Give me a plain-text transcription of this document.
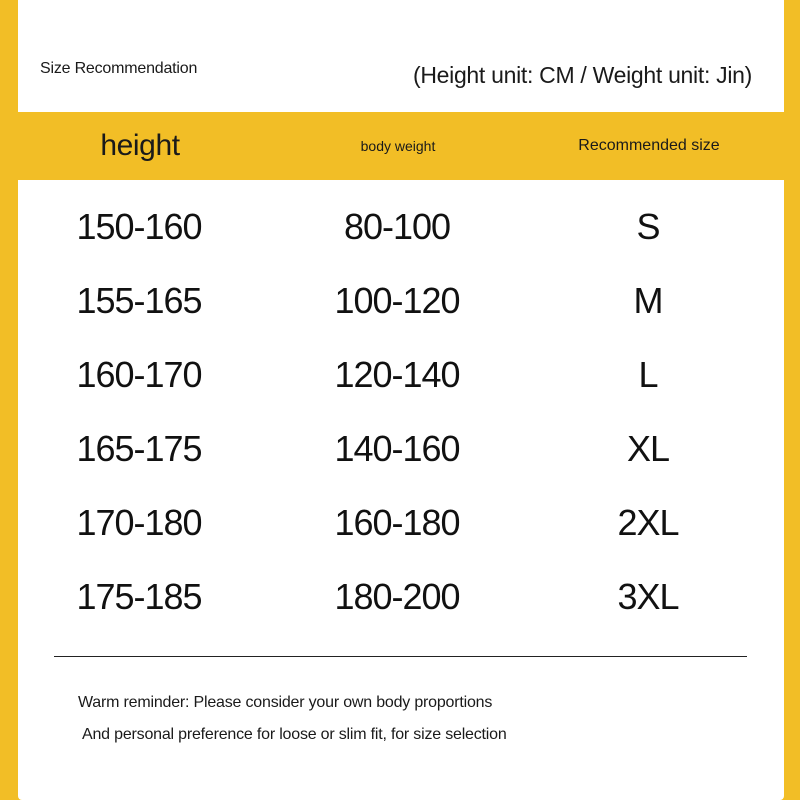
Size Recommendation	(Height unit: CM / Weight unit: Jin)
height	body weight	Recommended size
150-160	80-100	S
155-165	100-120	M
160-170	120-140	L
165-175	140-160	XL
170-180	160-180	2XL
175-185	180-200	3XL
Warm reminder: Please consider your own body proportions
And personal preference for loose or slim fit, for size selection
